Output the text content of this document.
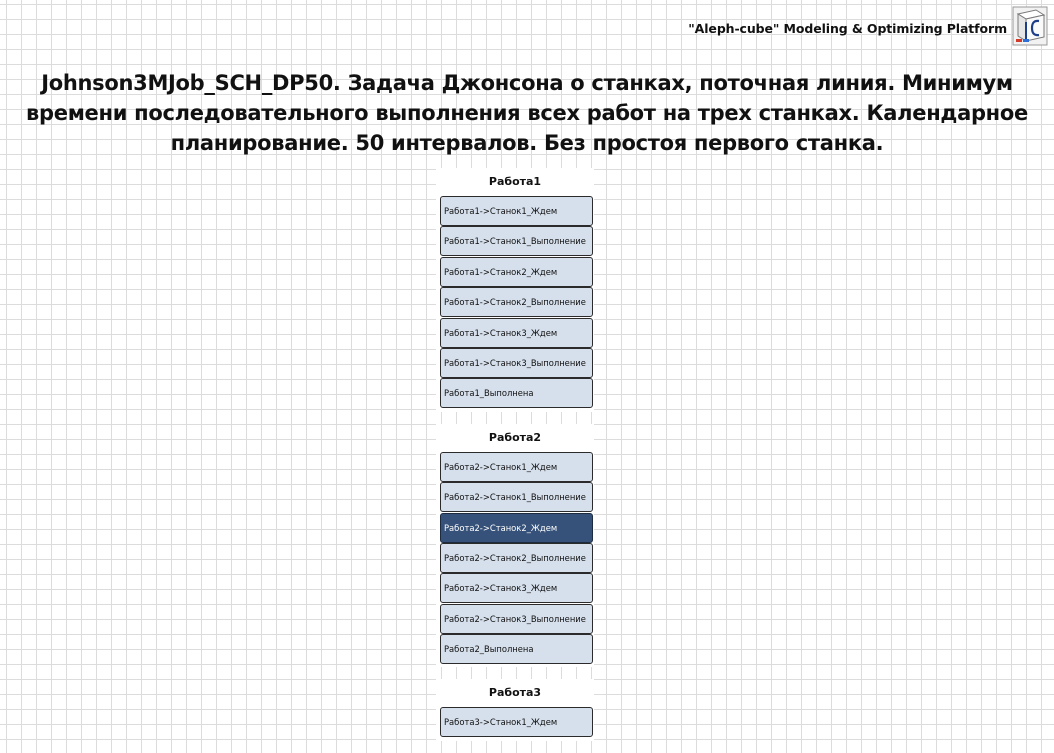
"Aleph-cube" Modeling & Optimizing Platform
Johnson3MJob_SCH_DP50. Задача Джонсона о станках, поточная линия. Минимум времени последовательного выполнения всех работ на трех станках. Календарное планирование. 50 интервалов. Без простоя первого станка.
Работа1
Работа1->Станок1_Ждем
Работа1->Станок1_Выполнение
Работа1->Станок2_Ждем
Работа1->Станок2_Выполнение
Работа1->Станок3_Ждем
Работа1->Станок3_Выполнение
Работа1_Выполнена
Работа2
Работа2->Станок1_Ждем
Работа2->Станок1_Выполнение
Работа2->Станок2_Ждем
Работа2->Станок2_Выполнение
Работа2->Станок3_Ждем
Работа2->Станок3_Выполнение
Работа2_Выполнена
Работа3
Работа3->Станок1_Ждем
